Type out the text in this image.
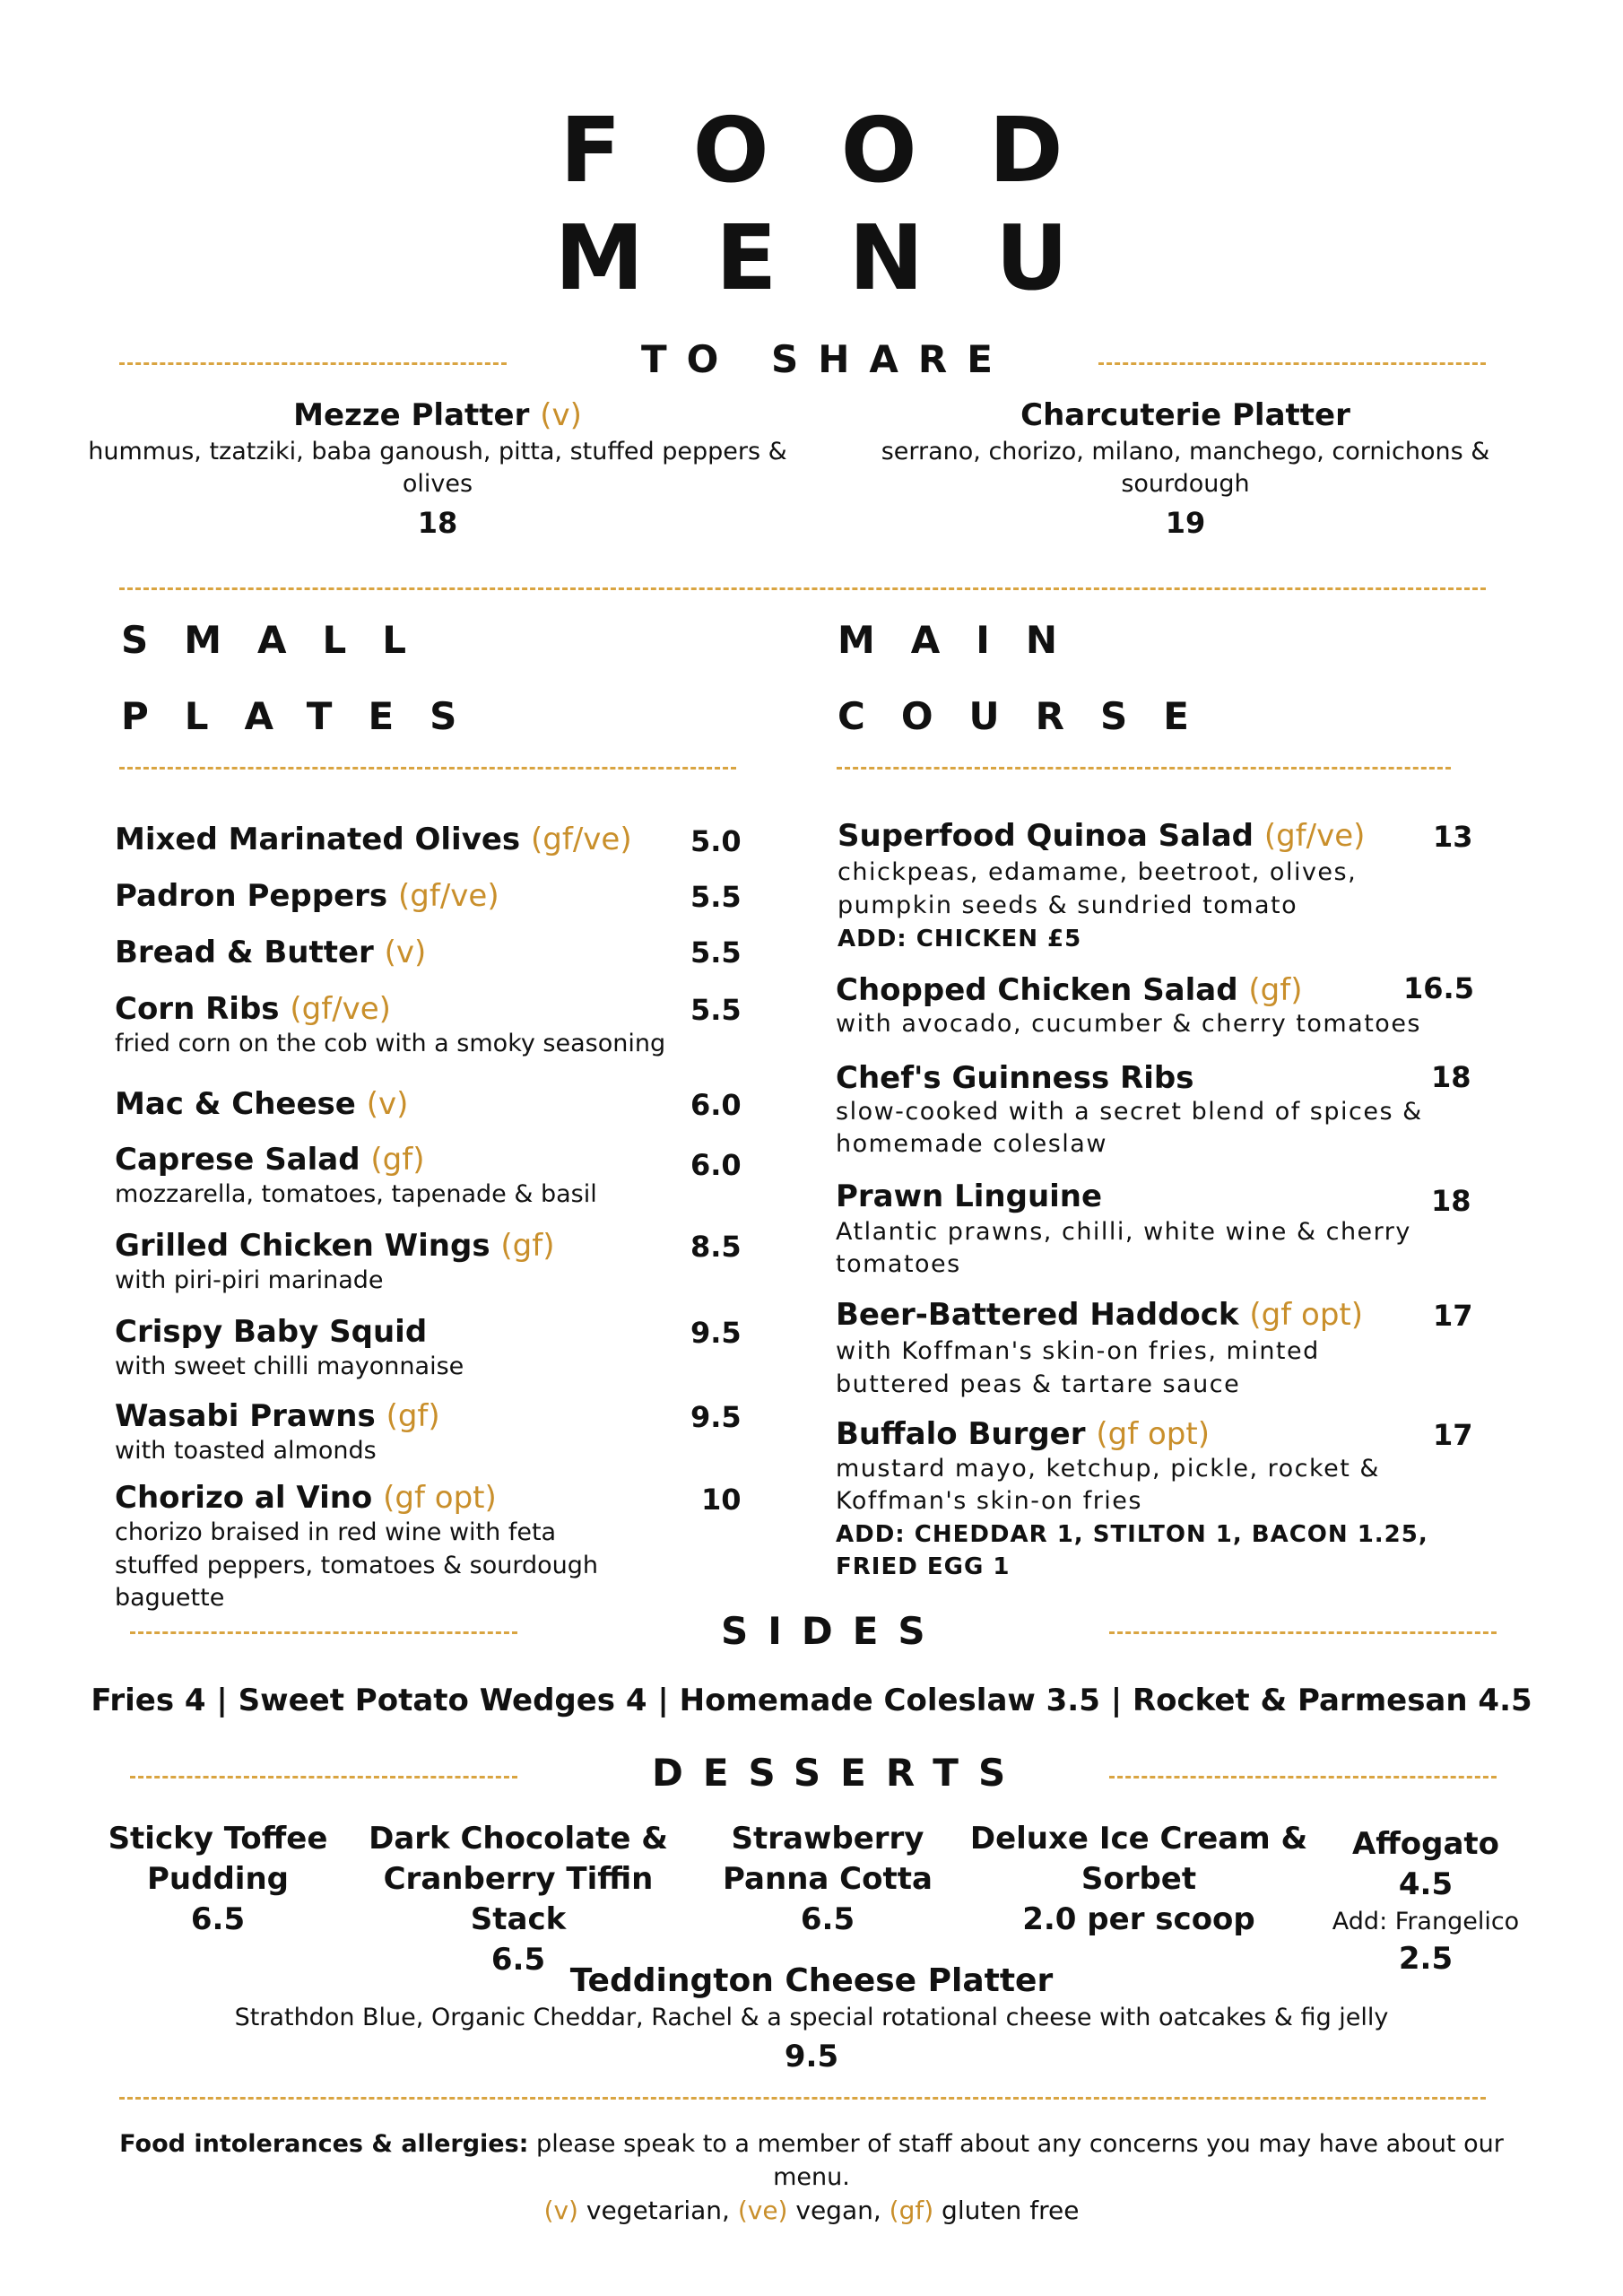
FOOD
MENU
TO SHARE
Mezze Platter (v)
hummus, tzatziki, baba ganoush, pitta, stuffed peppers &
olives
18
Charcuterie Platter
serrano, chorizo, milano, manchego, cornichons &
sourdough
19
SMALL
PLATES
Mixed Marinated Olives (gf/ve) 5.0
Padron Peppers (gf/ve)	5.5
Bread & Butter (v)	5.5
Corn Ribs (gf/ve)	5.5
fried corn on the cob with a smoky seasoning
Mac & Cheese (v)	6.0
Caprese Salad (gf)	6.0
mozzarella, tomatoes, tapenade & basil
Grilled Chicken Wings (gf)	8.5
with piri-piri marinade
Crispy Baby Squid	9.5
with sweet chilli mayonnaise
Wasabi Prawns (gf)	9.5
with toasted almonds
Chorizo al Vino (gf opt)	10
chorizo braised in red wine with feta
stuffed peppers, tomatoes & sourdough
baguette
MAIN
COURSE
Superfood Quinoa Salad (gf/ve) 13
chickpeas, edamame, beetroot, olives,
pumpkin seeds & sundried tomato
ADD: CHICKEN £5
Chopped Chicken Salad (gf)	16.5
with avocado, cucumber & cherry tomatoes
Chef's Guinness Ribs	18
slow-cooked with a secret blend of spices &
homemade coleslaw
Prawn Linguine	18
Atlantic prawns, chilli, white wine & cherry
tomatoes
Beer-Battered Haddock (gf opt) 17
with Koffman's skin-on fries, minted
buttered peas & tartare sauce
Buffalo Burger (gf opt)	17
mustard mayo, ketchup, pickle, rocket &
Koffman's skin-on fries
ADD: CHEDDAR 1, STILTON 1, BACON 1.25,
FRIED EGG 1
SIDES
Fries 4 | Sweet Potato Wedges 4 | Homemade Coleslaw 3.5 | Rocket & Parmesan 4.5
DESSERTS
Sticky Toffee
Pudding
6.5
Dark Chocolate &
Cranberry Tiffin Stack
6.5
Strawberry
Panna Cotta
6.5
Deluxe Ice Cream &
Sorbet
2.0 per scoop
Affogato
4.5
Add: Frangelico
2.5
Teddington Cheese Platter
Strathdon Blue, Organic Cheddar, Rachel & a special rotational cheese with oatcakes & fig jelly
9.5
Food intolerances & allergies: please speak to a member of staff about any concerns you may have about our
menu.
(v) vegetarian, (ve) vegan, (gf) gluten free
